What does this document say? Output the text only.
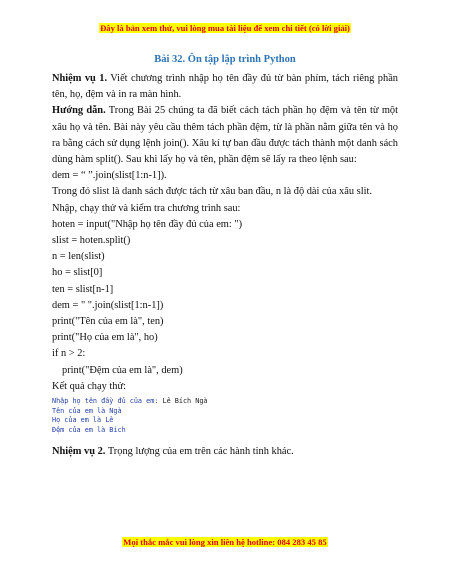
Đây là bản xem thử, vui lòng mua tài liệu để xem chi tiết (có lời giải)
Bài 32. Ôn tập lập trình Python

Nhiệm vụ 1. Viết chương trình nhập họ tên đầy đủ từ bàn phím, tách riêng phần tên, họ, đệm và in ra màn hình.

Hướng dẫn. Trong Bài 25 chúng ta đã biết cách tách phần họ đệm và tên từ một xâu họ và tên. Bài này yêu cầu thêm tách phần đệm, từ là phần nằm giữa tên và họ ra bằng cách sử dụng lệnh join(). Xâu kí tự ban đầu được tách thành một danh sách dùng hàm split(). Sau khi lấy họ và tên, phần đệm sẽ lấy ra theo lệnh sau:

dem = “ ”.join(slist[1:n-1]).

Trong đó slist là danh sách được tách từ xâu ban đầu, n là độ dài của xâu slit.

Nhập, chạy thử và kiểm tra chương trình sau:

hoten = input("Nhập họ tên đầy đủ của em: ")

slist = hoten.split()

n = len(slist)

ho = slist[0]

ten = slist[n-1]

dem = " ".join(slist[1:n-1])

print("Tên của em là", ten)

print("Họ của em là", ho)

if n > 2:

print("Đệm của em là", dem)

Kết quả chạy thử:

Nhập họ tên đầy đủ của em: Lê Bích Ngà
Tên của em là Ngà
Họ của em là Lê
Đệm của em là Bích

Nhiệm vụ 2. Trọng lượng của em trên các hành tinh khác.

Mọi thắc mắc vui lòng xin liên hệ hotline: 084 283 45 85
